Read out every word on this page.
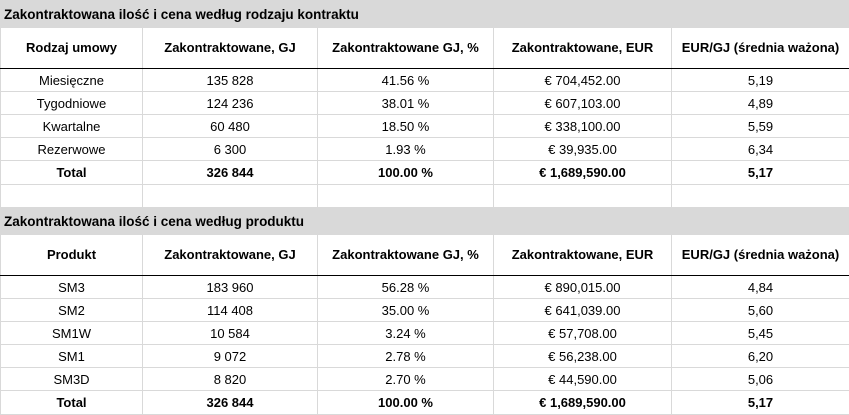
Zakontraktowana ilość i cena według rodzaju kontraktu				
Rodzaj umowy	Zakontraktowane, GJ	Zakontraktowane GJ, %	Zakontraktowane, EUR	EUR/GJ (średnia ważona)
Miesięczne	135 828	41.56 %	€ 704,452.00	5,19
Tygodniowe	124 236	38.01 %	€ 607,103.00	4,89
Kwartalne	60 480	18.50 %	€ 338,100.00	5,59
Rezerwowe	6 300	1.93 %	€ 39,935.00	6,34
Total	326 844	100.00 %	€ 1,689,590.00	5,17

Zakontraktowana ilość i cena według produktu				
Produkt	Zakontraktowane, GJ	Zakontraktowane GJ, %	Zakontraktowane, EUR	EUR/GJ (średnia ważona)
SM3	183 960	56.28 %	€ 890,015.00	4,84
SM2	114 408	35.00 %	€ 641,039.00	5,60
SM1W	10 584	3.24 %	€ 57,708.00	5,45
SM1	9 072	2.78 %	€ 56,238.00	6,20
SM3D	8 820	2.70 %	€ 44,590.00	5,06
Total	326 844	100.00 %	€ 1,689,590.00	5,17
